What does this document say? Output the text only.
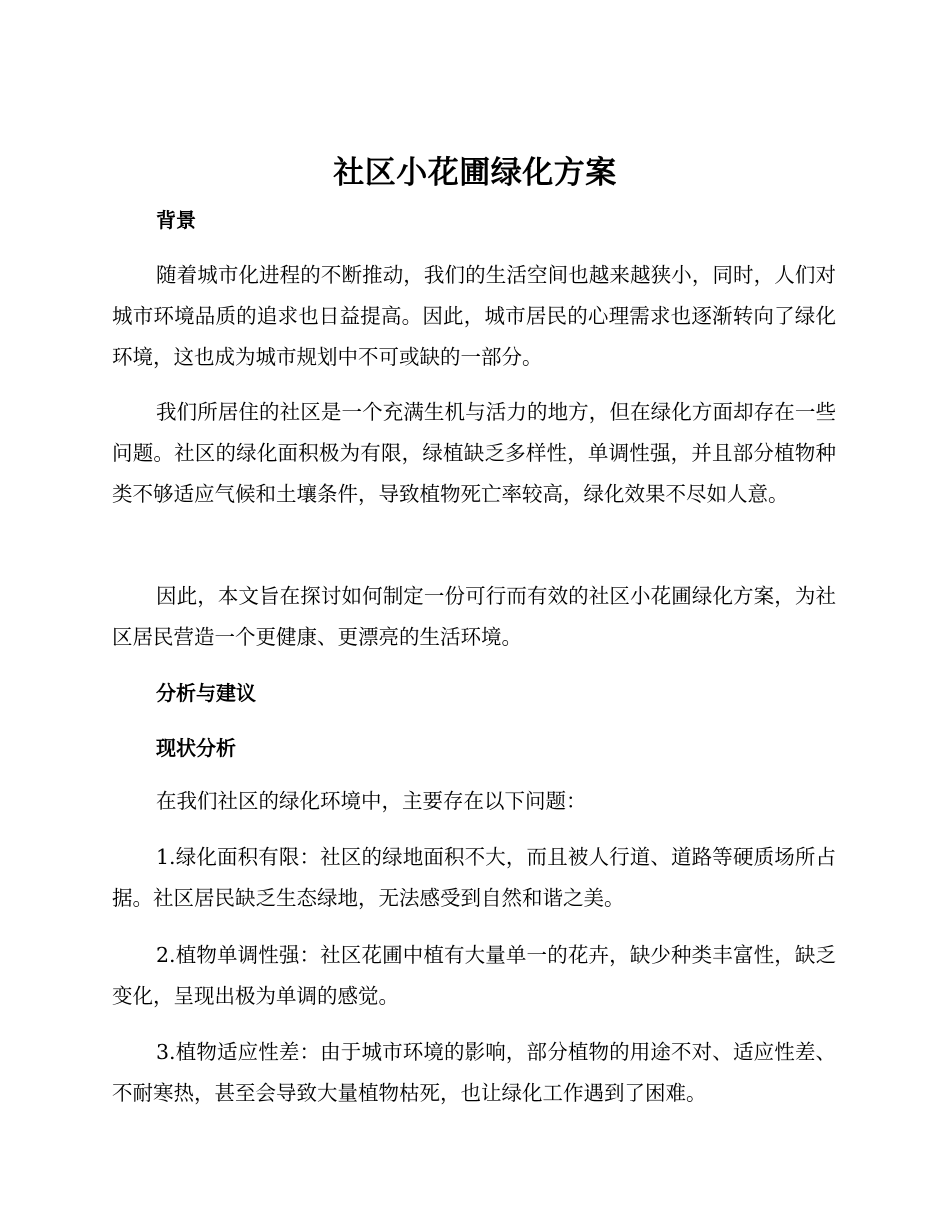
社区小花圃绿化方案
背景

随着城市化进程的不断推动，我们的生活空间也越来越狭小，同时，人们对城市环境品质的追求也日益提高。因此，城市居民的心理需求也逐渐转向了绿化环境，这也成为城市规划中不可或缺的一部分。

我们所居住的社区是一个充满生机与活力的地方，但在绿化方面却存在一些问题。社区的绿化面积极为有限，绿植缺乏多样性，单调性强，并且部分植物种类不够适应气候和土壤条件，导致植物死亡率较高，绿化效果不尽如人意。

因此，本文旨在探讨如何制定一份可行而有效的社区小花圃绿化方案，为社区居民营造一个更健康、更漂亮的生活环境。

分析与建议
现状分析

在我们社区的绿化环境中，主要存在以下问题：

1.绿化面积有限：社区的绿地面积不大，而且被人行道、道路等硬质场所占据。社区居民缺乏生态绿地，无法感受到自然和谐之美。

2.植物单调性强：社区花圃中植有大量单一的花卉，缺少种类丰富性，缺乏变化，呈现出极为单调的感觉。

3.植物适应性差：由于城市环境的影响，部分植物的用途不对、适应性差、不耐寒热，甚至会导致大量植物枯死，也让绿化工作遇到了困难。
